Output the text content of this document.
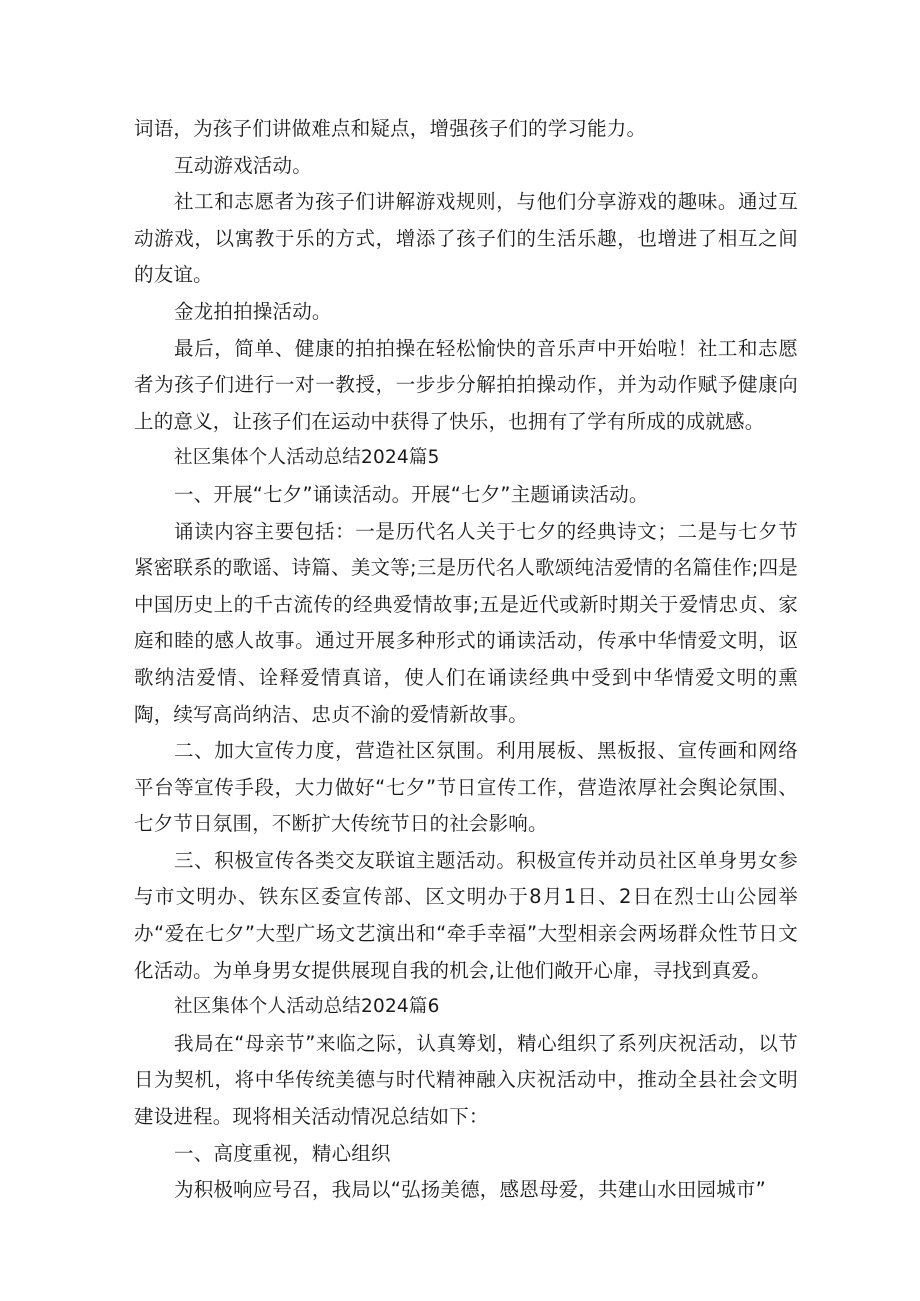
词语，为孩子们讲做难点和疑点，增强孩子们的学习能力。

互动游戏活动。

社工和志愿者为孩子们讲解游戏规则，与他们分享游戏的趣味。通过互动游戏，以寓教于乐的方式，增添了孩子们的生活乐趣，也增进了相互之间的友谊。

金龙拍拍操活动。

最后，简单、健康的拍拍操在轻松愉快的音乐声中开始啦！社工和志愿者为孩子们进行一对一教授，一步步分解拍拍操动作，并为动作赋予健康向上的意义，让孩子们在运动中获得了快乐，也拥有了学有所成的成就感。

社区集体个人活动总结2024篇5

一、开展“七夕”诵读活动。开展“七夕”主题诵读活动。

诵读内容主要包括：一是历代名人关于七夕的经典诗文；二是与七夕节紧密联系的歌谣、诗篇、美文等;三是历代名人歌颂纯洁爱情的名篇佳作;四是中国历史上的千古流传的经典爱情故事;五是近代或新时期关于爱情忠贞、家庭和睦的感人故事。通过开展多种形式的诵读活动，传承中华情爱文明，讴歌纳洁爱情、诠释爱情真谙，使人们在诵读经典中受到中华情爱文明的熏陶，续写高尚纳洁、忠贞不渝的爱情新故事。

二、加大宣传力度，营造社区氛围。利用展板、黑板报、宣传画和网络平台等宣传手段，大力做好“七夕”节日宣传工作，营造浓厚社会舆论氛围、七夕节日氛围，不断扩大传统节日的社会影响。

三、积极宣传各类交友联谊主题活动。积极宣传并动员社区单身男女参与市文明办、铁东区委宣传部、区文明办于8月1日、2日在烈士山公园举办“爱在七夕”大型广场文艺演出和“牵手幸福”大型相亲会两场群众性节日文化活动。为单身男女提供展现自我的机会,让他们敞开心扉，寻找到真爱。

社区集体个人活动总结2024篇6

我局在“母亲节”来临之际，认真筹划，精心组织了系列庆祝活动，以节日为契机，将中华传统美德与时代精神融入庆祝活动中，推动全县社会文明建设进程。现将相关活动情况总结如下：

一、高度重视，精心组织

为积极响应号召，我局以“弘扬美德，感恩母爱，共建山水田园城市”
